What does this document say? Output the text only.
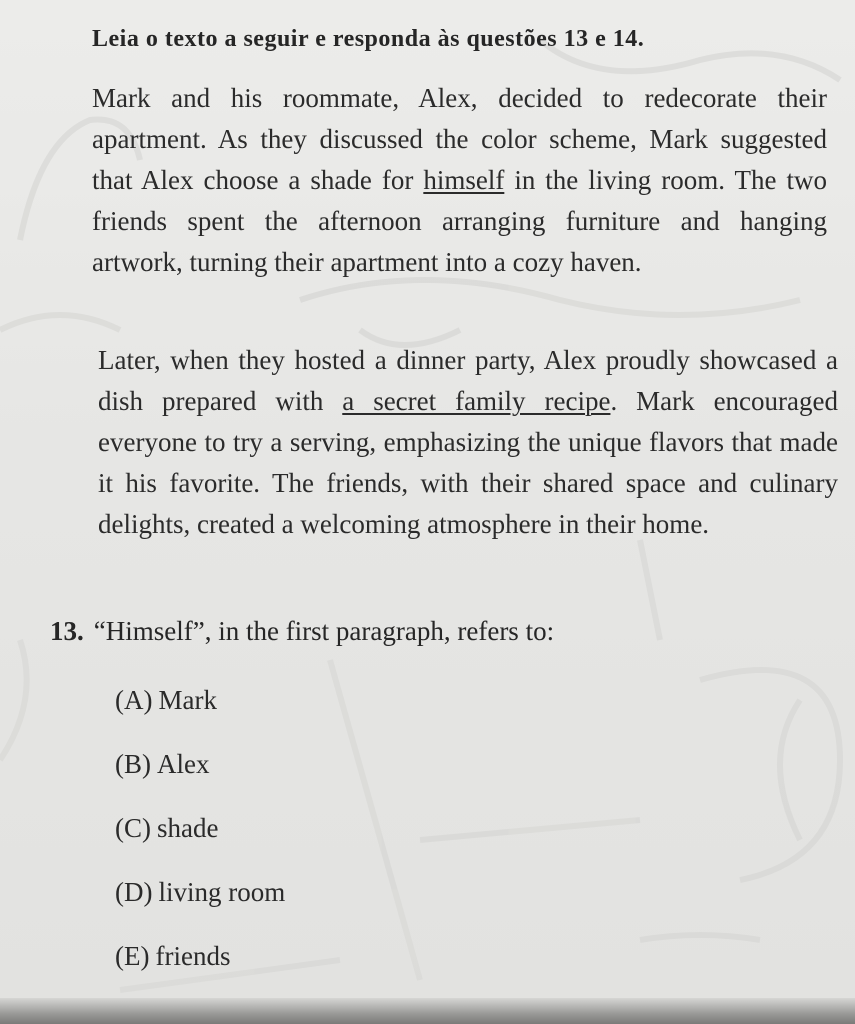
Leia o texto a seguir e responda às questões 13 e 14.
Mark and his roommate, Alex, decided to redecorate their apartment. As they discussed the color scheme, Mark suggested that Alex choose a shade for himself in the living room. The two friends spent the afternoon arranging furniture and hanging artwork, turning their apartment into a cozy haven.
Later, when they hosted a dinner party, Alex proudly showcased a dish prepared with a secret family recipe. Mark encouraged everyone to try a serving, emphasizing the unique flavors that made it his favorite. The friends, with their shared space and culinary delights, created a welcoming atmosphere in their home.
13. “Himself”, in the first paragraph, refers to:
(A) Mark
(B) Alex
(C) shade
(D) living room
(E) friends
